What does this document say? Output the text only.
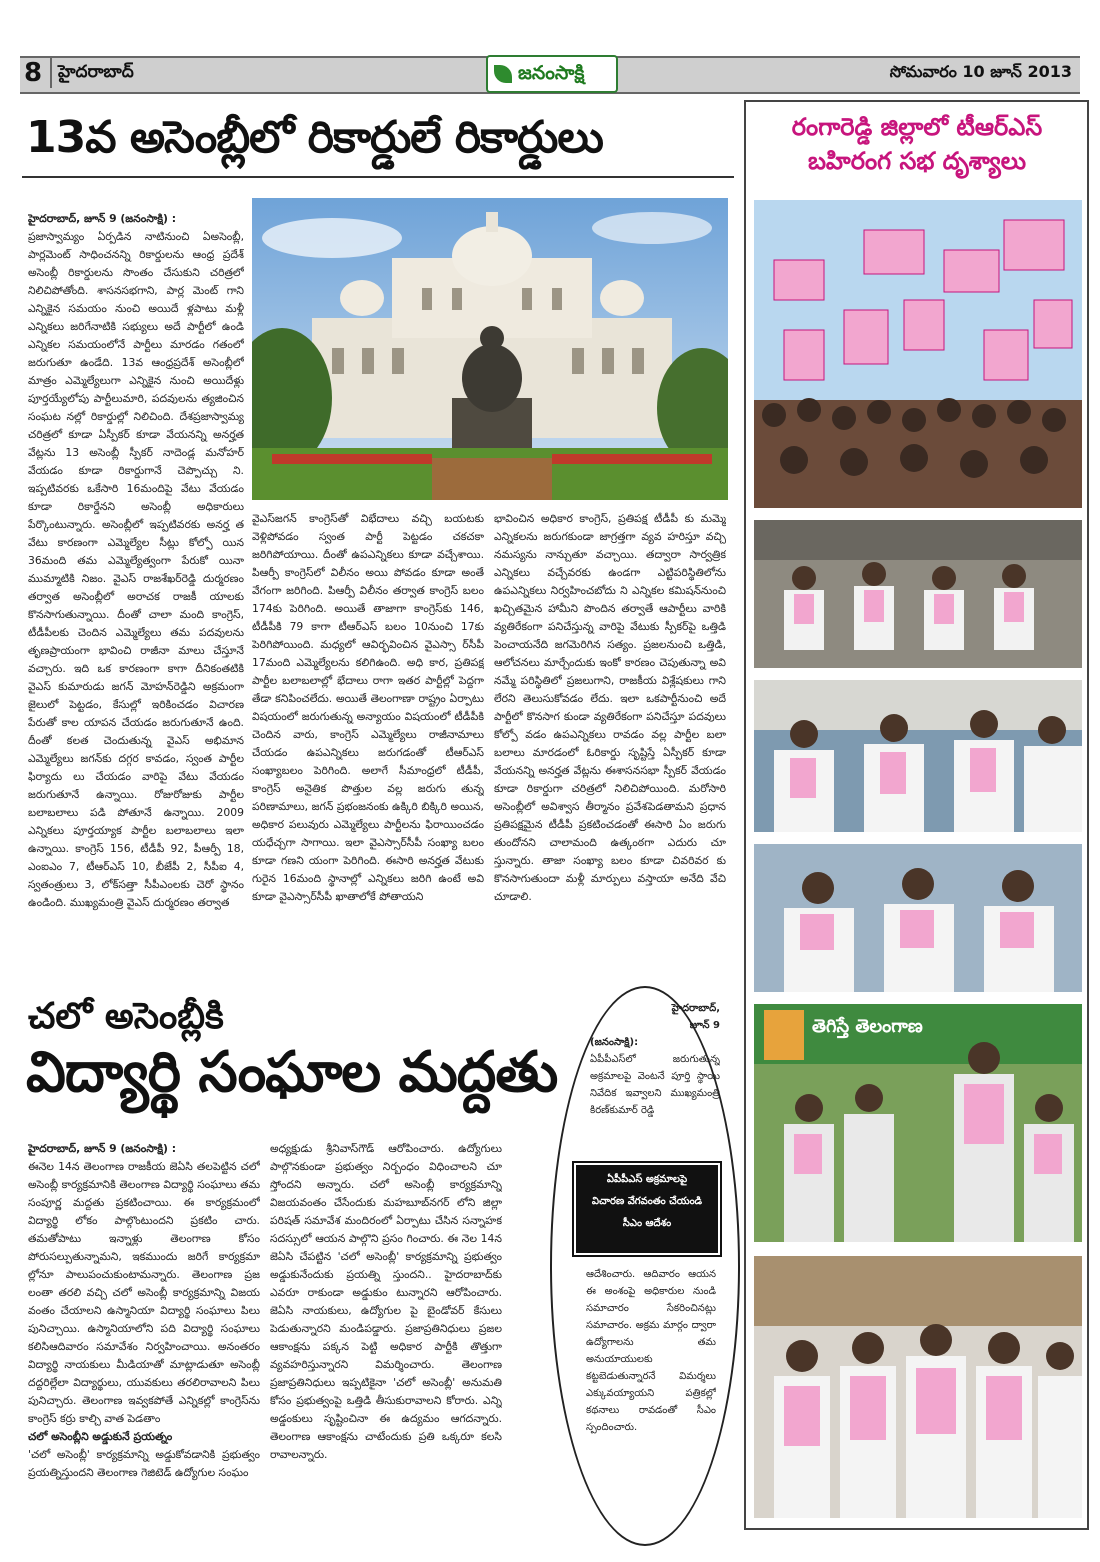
8 హైదరాబాద్	జనంసాక్షి	సోమవారం 10 జూన్ 2013
13వ అసెంబ్లీలో రికార్డులే రికార్డులు
హైదరాబాద్, జూన్ 9 (జనంసాక్షి) :
ప్రజాస్వామ్యం ఏర్పడిన నాటినుంచి ఏఅసెంబ్లీ, పార్లమెంట్ సాధించనన్ని రికార్డులను ఆంధ్ర ప్రదేశ్ అసెంబ్లీ రికార్డులను సొంతం చేసుకుని చరిత్రలో నిలిచిపోతోంది. శాసనసభగాని, పార్ల మెంట్ గాని ఎన్నికైన సమయం నుంచి అయిదే ళ్లపాటు మళ్లీ ఎన్నికలు జరిగేనాటికి సభ్యులు అదే పార్టీలో ఉండి ఎన్నికల సమయంలోనే పార్టీలు మారడం గతంలో జరుగుతూ ఉండేది. 13వ ఆంధ్రప్రదేశ్ అసెంబ్లీలో మాత్రం ఎమ్మెల్యేలుగా ఎన్నికైన నుంచి అయిదేళ్లు పూర్తయ్యేలోపు పార్టీలుమారి, పదవులను త్యజించిన సంఘట నల్లో రికార్డుల్లో నిలిచింది. దేశప్రజాస్వామ్య చరిత్రలో కూడా ఏస్పీకర్ కూడా వేయనన్ని అనర్హత వేట్లను 13 అసెంబ్లీ స్పీకర్ నాదెండ్ల మనోహర్ వేయడం కూడా రికార్డుగానే చెప్పొచ్చు ని. ఇప్పటివరకు ఒకేసారి 16మందిపై వేటు వేయడం కూడా రికార్డేనని అసెంబ్లీ అధికారులు పేర్కొంటున్నారు. అసెంబ్లీలో ఇప్పటివరకు అనర్హ త వేటు కారణంగా ఎమ్మెల్యేల సీట్లు కోల్పో యిన 36మంది తమ ఎమ్మెల్యేత్వంగా పేరుకో యినా ముమ్మాటికి నిజం. వైఎస్ రాజశేఖర్‌రెడ్డి దుర్మరణం తర్వాత అసెంబ్లీలో అరాచక రాజకీ యాలకు కొనసాగుతున్నాయి. దీంతో చాలా మంది కాంగ్రెస్, టీడీపీలకు చెందిన ఎమ్మెల్యేలు తమ పదవులను తృణప్రాయంగా భావించి రాజీనా మాలు చేస్తూనే వచ్చారు. ఇది ఒక కారణంగా కాగా దీనికంతటికి వైఎస్ కుమారుడు జగన్ మోహన్‌రెడ్డిని అక్రమంగా జైలులో పెట్టడం, కేసుల్లో ఇరికించడం విచారణ పేరుతో కాల యాపన చేయడం జరుగుతూనే ఉంది. దీంతో కలత చెందుతున్న వైఎస్ అభిమాన ఎమ్మెల్యేలు జగన్‌కు దగ్గర కావడం, స్వంత పార్టీల ఫిర్యాదు లు చేయడం వారిపై వేటు వేయడం జరుగుతూనే ఉన్నాయి. రోజురోజుకు పార్టీల బలాబలాలు పడి పోతూనే ఉన్నాయి. 2009 ఎన్నికలు పూర్తయ్యాక పార్టీల బలాబలాలు ఇలా ఉన్నాయి. కాంగ్రెస్ 156, టీడీపీ 92, పీఆర్పీ 18, ఎంఐఎం 7, టీఆర్ఎస్ 10, బీజేపీ 2, సీపీఐ 4, స్వతంత్రులు 3, లోక్‌సత్తా సీపీఎంలకు చెరో స్థానం ఉండింది. ముఖ్యమంత్రి వైఎస్ దుర్మరణం తర్వాత
వైఎస్‌జగన్ కాంగ్రెస్‌తో విభేదాలు వచ్చి బయటకు వెళ్లిపోవడం స్వంత పార్టీ పెట్టడం చకచకా జరిగిపోయాయి. దీంతో ఉపఎన్నికలు కూడా వచ్చేశాయి. పిఆర్పీ కాంగ్రెస్‌లో విలీనం అయి పోవడం కూడా అంతే వేగంగా జరిగింది. పిఆర్పీ విలీనం తర్వాత కాంగ్రెస్ బలం 174కు పెరిగింది. అయితే తాజాగా కాంగ్రెస్‌కు 146, టీడీపీకి 79 కాగా టీఆర్ఎస్ బలం 10నుంచి 17కు పెరిగిపోయింది. మధ్యలో ఆవిర్భవించిన వైఎస్సా ర్‌సీపీ 17మంది ఎమ్మెల్యేలను కలిగిఉంది. అధి కార, ప్రతిపక్ష పార్టీల బలాబలాల్లో భేదాలు రాగా ఇతర పార్టీల్లో పెద్దగా తేడా కనిపించలేదు. అయితే తెలంగాణా రాష్ట్రం ఏర్పాటు విషయంలో జరుగుతున్న అన్యాయం విషయంలో టీడీపీకి చెందిన వారు, కాంగ్రెస్ ఎమ్మెల్యేలు రాజీనామాలు చేయడం ఉపఎన్నికలు జరుగడంతో టీఆర్ఎస్ సంఖ్యాబలం పెరిగింది. అలాగే సీమాంధ్రలో టీడీపీ, కాంగ్రెస్ అనైతిక పొత్తుల వల్ల జరుగు తున్న పరిణామాలు, జగన్ ప్రభంజనంకు ఉక్కిరి బిక్కిరి అయిన, అధికార పలువురు ఎమ్మెల్యేలు పార్టీలను ఫిరాయించడం యధేచ్చగా సాగాయి. ఇలా వైఎస్సార్‌సీపీ సంఖ్యా బలం కూడా గణని యంగా పెరిగింది. ఈసారి అనర్హత వేటుకు గురైన 16మంది స్థానాల్లో ఎన్నికలు జరిగి ఉంటే అవి కూడా వైఎస్సార్‌సీపీ ఖాతాలోకే పోతాయని
భావించిన అధికార కాంగ్రెస్, ప్రతిపక్ష టీడీపీ కు మమ్మె ఎన్నికలను జరుగకుండా జాగ్రత్తగా వ్యవ హరిస్తూ వచ్చి నమస్యను నాన్చుతూ వచ్చాయి. తద్వారా సార్వత్రిక ఎన్నికలు వచ్చేవరకు ఉండగా ఎట్టిపరిస్థితిలోను ఉపఎన్నికలు నిర్వహించబోదు ని ఎన్నికల కమిషన్‌నుంచి ఖచ్చితమైన హామీని పొందిన తర్వాతే ఆపార్టీలు వారికి వ్యతిరేకంగా పనిచేస్తున్న వారిపై వేటుకు స్పీకర్‌పై ఒత్తిడి పెంచాయనేది జగమెరిగిన సత్యం. ప్రజలనుంచి ఒత్తిడి, ఆలోచనలు మార్చేందుకు ఇంకో కారణం చెపుతున్నా అవి నమ్మే పరిస్థితిలో ప్రజలుగాని, రాజకీయ విశ్లేషకులు గాని లేరని తెలుసుకోవడం లేదు. ఇలా ఒకపార్టీనుంచి అదే పార్టీలో కొనసాగ కుండా వ్యతిరేకంగా పనిచేస్తూ పదవులు కోల్పో వడం ఉపఎన్నికలు రావడం వల్ల పార్టీల బలా బలాలు మారడంలో ఓరికార్డు సృష్టిస్తే ఏస్పీకర్ కూడా వేయనన్ని అనర్హత వేట్లను ఈశాసనసభా స్పీకర్ వేయడం కూడా రికార్డుగా చరిత్రలో నిలిచిపోయింది. మరోసారి అసెంబ్లీలో అవిశ్వాస తీర్మానం ప్రవేశపెడతామని ప్రధాన ప్రతిపక్షమైన టీడీపీ ప్రకటించడంతో ఈసారి ఏం జరుగు తుందోనని చాలామంది ఉత్కంఠగా ఎదురు చూ స్తున్నారు. తాజా సంఖ్యా బలం కూడా చివరివర కు కొనసాగుతుందా మళ్లీ మార్పులు వస్తాయా అనేది వేచి చూడాలి.
రంగారెడ్డి జిల్లాలో టీఆర్ఎస్ బహిరంగ సభ దృశ్యాలు
తెగిస్తే తెలంగాణ
చలో అసెంబ్లీకి
విద్యార్థి సంఘాల మద్దతు
హైదరాబాద్, జూన్ 9 (జనంసాక్షి) :
ఈనెల 14న తెలంగాణ రాజకీయ జెఏసి తలపెట్టిన చలో అసెంబ్లీ కార్యక్రమానికి తెలంగాణ విద్యార్థి సంఘాలు తమ సంపూర్ణ మద్దతు ప్రకటించాయి. ఈ కార్యక్రమంలో విద్యార్థి లోకం పాల్గొంటుందని ప్రకటిం చారు. తమతోపాటు ఇన్నాళ్లు తెలంగాణ కోసం పోరుసల్పుతున్నామని, ఇకముందు జరిగే కార్యక్రమా ల్లోనూ పాలుపంచుకుంటామన్నారు. తెలంగాణ ప్రజ లంతా తరలి వచ్చి చలో అసెంబ్లీ కార్యక్రమాన్ని విజయ వంతం చేయాలని ఉస్మానియా విద్యార్థి సంఘాలు పిలు పునిచ్చాయి. ఉస్మానియాలోని పది విద్యార్థి సంఘాలు కలిసిఆదివారం సమావేశం నిర్వహించాయి. అనంతరం విద్యార్థి నాయకులు మీడియాతో మాట్లాడుతూ అసెంబ్లీ దద్దరిల్లేలా విద్యార్థులు, యువకులు తరలిరావాలని పిలు పునిచ్చారు. తెలంగాణ ఇవ్వకపోతే ఎన్నికల్లో కాంగ్రెస్‌ను కాంగ్రెస్ కర్రు కాల్చి వాత పెడతాం
చలో అసెంబ్లీని అడ్డుకునే ప్రయత్నం
'చలో అసెంబ్లీ' కార్యక్రమాన్ని అడ్డుకోవడానికి ప్రభుత్వం ప్రయత్నిస్తుందని తెలంగాణ గెజిటెడ్ ఉద్యోగుల సంఘం
అధ్యక్షుడు శ్రీనివాస్‌గౌడ్ ఆరోపించారు. ఉద్యోగులు పాల్గొనకుండా ప్రభుత్వం నిర్బంధం విధించాలని చూ స్తోందని అన్నారు. చలో అసెంబ్లీ కార్యక్రమాన్ని విజయవంతం చేసేందుకు మహబూబ్‌నగర్ లోని జిల్లా పరిషత్ సమావేశ మందిరంలో ఏర్పాటు చేసిన సన్నాహక సదస్సులో ఆయన పాల్గొని ప్రసం గించారు. ఈ నెల 14న జెఏసి చేపట్టిన 'చలో అసెంబ్లీ' కార్యక్రమాన్ని ప్రభుత్వం అడ్డుకునేందుకు ప్రయత్ని స్తుందని.. హైదరాబాద్‌కు ఎవరూ రాకుండా అడ్డుకుం టున్నారని ఆరోపించారు. జెఏసి నాయకులు, ఉద్యోగుల పై బైండోవర్ కేసులు పెడుతున్నారని మండిపడ్డారు. ప్రజాప్రతినిధులు ప్రజల ఆకాంక్షను పక్కన పెట్టి అధికార పార్టీకి తొత్తుగా వ్యవహరిస్తున్నారని విమర్శించారు. తెలంగాణ ప్రజాప్రతినిధులు ఇప్పటికైనా 'చలో అసెంబ్లీ' అనుమతి కోసం ప్రభుత్వంపై ఒత్తిడి తీసుకురావాలని కోరారు. ఎన్ని అడ్డంకులు సృష్టించినా ఈ ఉద్యమం ఆగదన్నారు. తెలంగాణ ఆకాంక్షను చాటేందుకు ప్రతి ఒక్కరూ కలసి రావాలన్నారు.
హైదరాబాద్,
జూన్ 9
(జనంసాక్షి):
ఏపీపీఎస్‌లో జరుగుతున్న అక్రమాలపై వెంటనే పూర్తి స్థాయి నివేదిక ఇవ్వాలని ముఖ్యమంత్రి కిరణ్‌కుమార్ రెడ్డి
ఏపీపీఎస్ అక్రమాలపై
విచారణ వేగవంతం చేయండి
సీఎం ఆదేశం
ఆదేశించారు. ఆదివారం ఆయన ఈ అంశంపై అధికారుల నుండి సమాచారం సేకరించినట్లు సమాచారం. అక్రమ మార్గం ద్వారా ఉద్యోగాలను తమ అనుయాయులకు కట్టబెడుతున్నారనే విమర్శలు ఎక్కువయ్యాయని పత్రికల్లో కథనాలు రావడంతో సీఎం స్పందించారు.
